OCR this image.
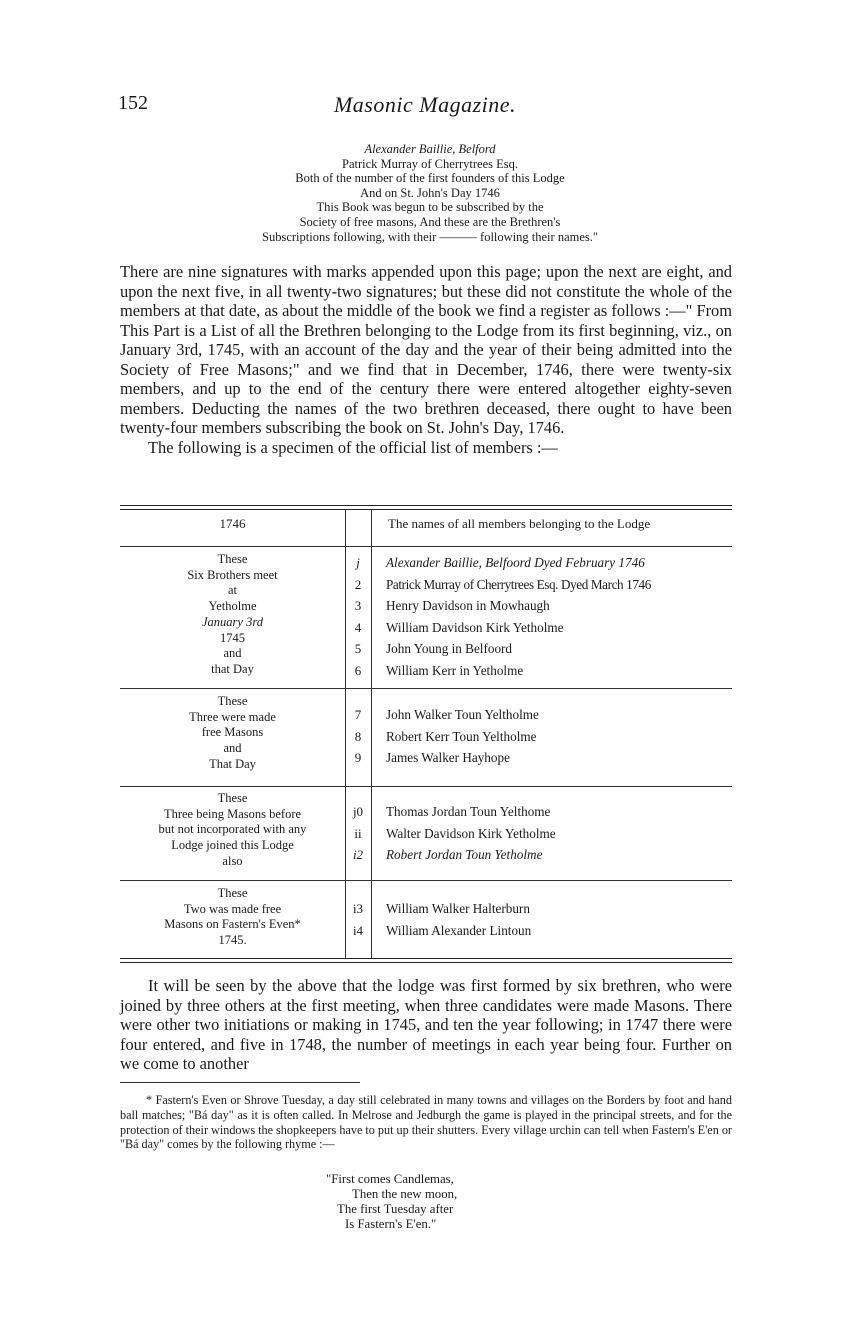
152	Masonic Magazine.
Alexander Baillie, Belford
Patrick Murray of Cherrytrees Esq.
Both of the number of the first founders of this Lodge
And on St. John's Day 1746
This Book was begun to be subscribed by the
Society of free masons, And these are the Brethren's
Subscriptions following, with their ——— following their names."

There are nine signatures with marks appended upon this page; upon the next are eight, and upon the next five, in all twenty-two signatures; but these did not constitute the whole of the members at that date, as about the middle of the book we find a register as follows :—" From This Part is a List of all the Brethren belonging to the Lodge from its first beginning, viz., on January 3rd, 1745, with an account of the day and the year of their being admitted into the Society of Free Masons;" and we find that in December, 1746, there were twenty-six members, and up to the end of the century there were entered altogether eighty-seven members. Deducting the names of the two brethren deceased, there ought to have been twenty-four members subscribing the book on St. John's Day, 1746.

The following is a specimen of the official list of members :—

1746	The names of all members belonging to the Lodge
These
Six Brothers meet
at
Yetholme
January 3rd
1745
and
that Day
j
2
3
4
5
6
Alexander Baillie, Belfoord Dyed February 1746
Patrick Murray of Cherrytrees Esq. Dyed March 1746
Henry Davidson in Mowhaugh
William Davidson Kirk Yetholme
John Young in Belfoord
William Kerr in Yetholme
These
Three were made
free Masons
and
That Day
7
8
9
John Walker Toun Yeltholme
Robert Kerr Toun Yeltholme
James Walker Hayhope
These
Three being Masons before
but not incorporated with any
Lodge joined this Lodge
also
j0
ii
i2
Thomas Jordan Toun Yelthome
Walter Davidson Kirk Yetholme
Robert Jordan Toun Yetholme
These
Two was made free
Masons on Fastern's Even*
1745.
i3
i4
William Walker Halterburn
William Alexander Lintoun

It will be seen by the above that the lodge was first formed by six brethren, who were joined by three others at the first meeting, when three candidates were made Masons. There were other two initiations or making in 1745, and ten the year following; in 1747 there were four entered, and five in 1748, the number of meetings in each year being four. Further on we come to another

* Fastern's Even or Shrove Tuesday, a day still celebrated in many towns and villages on the Borders by foot and hand ball matches; "Bá day" as it is often called. In Melrose and Jedburgh the game is played in the principal streets, and for the protection of their windows the shopkeepers have to put up their shutters. Every village urchin can tell when Fastern's E'en or "Bá day" comes by the following rhyme :—

"First comes Candlemas,
Then the new moon,
The first Tuesday after
Is Fastern's E'en."
